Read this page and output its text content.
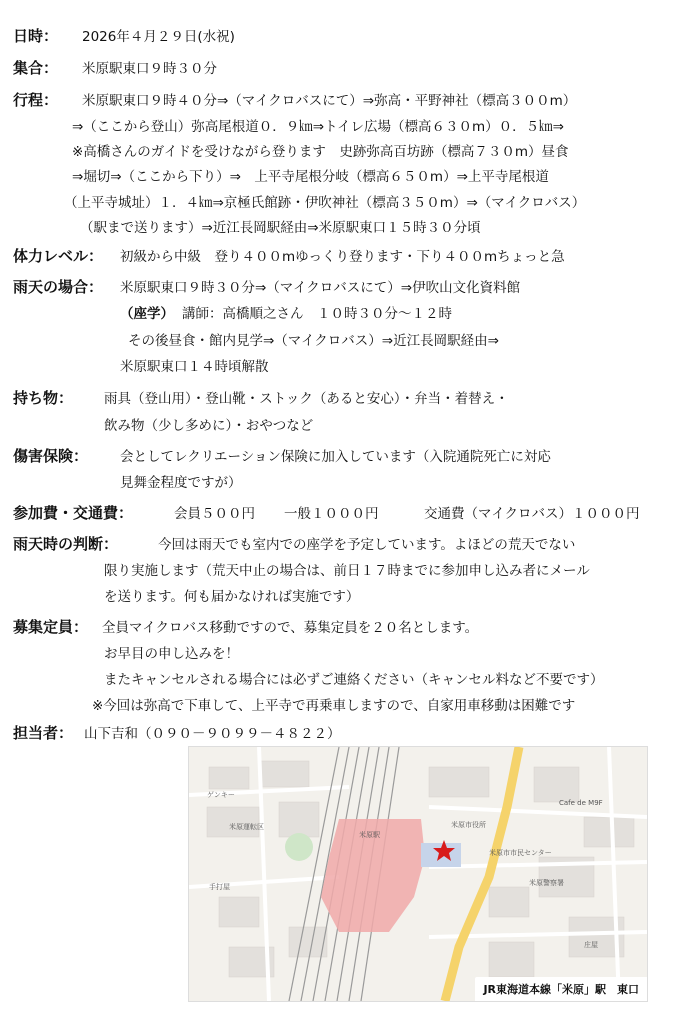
日時： 2026年４月２９日(水祝)
集合： 米原駅東口９時３０分
行程： 米原駅東口９時４０分⇒（マイクロバスにて）⇒弥高・平野神社（標高３００m）
⇒（ここから登山）弥高尾根道０．９㎞⇒トイレ広場（標高６３０m）０．５㎞⇒
※高橋さんのガイドを受けながら登ります　史跡弥高百坊跡（標高７３０m）昼食
⇒堀切⇒（ここから下り）⇒　上平寺尾根分岐（標高６５０m）⇒上平寺尾根道
（上平寺城址）１．４㎞⇒京極氏館跡・伊吹神社（標高３５０m）⇒（マイクロバス）
（駅まで送ります）⇒近江長岡駅経由⇒米原駅東口１５時３０分頃
体力レベル： 初級から中級　登り４００mゆっくり登ります・下り４００mちょっと急
雨天の場合： 米原駅東口９時３０分⇒（マイクロバスにて）⇒伊吹山文化資料館
（座学） 講師：高橋順之さん　１０時３０分～１２時
その後昼食・館内見学⇒（マイクロバス）⇒近江長岡駅経由⇒
米原駅東口１４時頃解散
持ち物： 雨具（登山用）・登山靴・ストック（あると安心）・弁当・着替え・
飲み物（少し多めに）・おやつなど
傷害保険： 会としてレクリエーション保険に加入しています（入院通院死亡に対応
見舞金程度ですが）
参加費・交通費：	会員５００円 一般１０００円	交通費（マイクロバス）１０００円
雨天時の判断：	今回は雨天でも室内での座学を予定しています。よほどの荒天でない
限り実施します（荒天中止の場合は、前日１７時までに参加申し込み者にメール
を送ります。何も届かなければ実施です）
募集定員： 全員マイクロバス移動ですので、募集定員を２０名とします。
お早目の申し込みを！
またキャンセルされる場合には必ずご連絡ください（キャンセル料など不要です）
※今回は弥高で下車して、上平寺で再乗車しますので、自家用車移動は困難です
担当者： 山下吉和（０９０－９０９９－４８２２）
米原駅
米原市役所
Cafe de M9F
ゲンキー
米原運転区
米原警察署
手打屋
庄屋
米原市市民センター
JR東海道本線「米原」駅　東口
